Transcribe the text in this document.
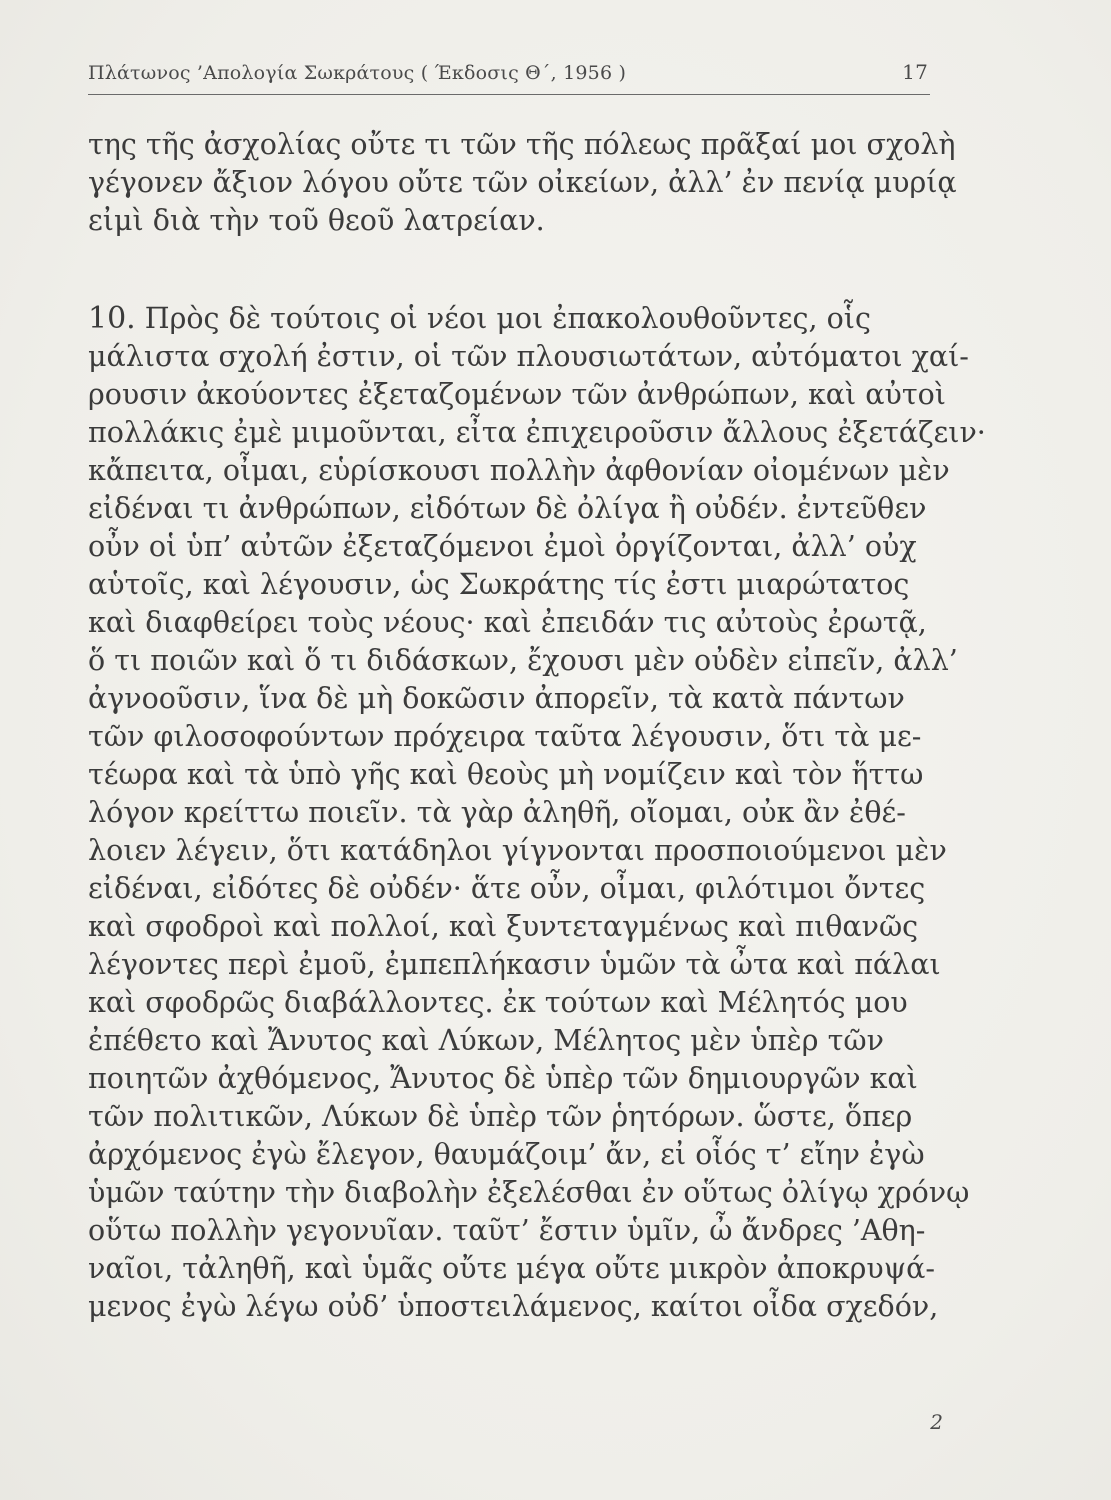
Πλάτωνος ’Απολογία Σωκράτους ( Έκδοσις Θ΄, 1956 )	17
της τῆς ἀσχολίας οὔτε τι τῶν τῆς πόλεως πρᾶξαί μοι σχολὴ
γέγονεν ἄξιον λόγου οὔτε τῶν οἰκείων, ἀλλ’ ἐν πενίᾳ μυρίᾳ
εἰμὶ διὰ τὴν τοῦ θεοῦ λατρείαν.
10. Πρὸς δὲ τούτοις οἱ νέοι μοι ἐπακολουθοῦντες, οἷς
μάλιστα σχολή ἐστιν, οἱ τῶν πλουσιωτάτων, αὐτόματοι χαί-
ρουσιν ἀκούοντες ἐξεταζομένων τῶν ἀνθρώπων, καὶ αὐτοὶ
πολλάκις ἐμὲ μιμοῦνται, εἶτα ἐπιχειροῦσιν ἄλλους ἐξετάζειν·
κἄπειτα, οἶμαι, εὑρίσκουσι πολλὴν ἀφθονίαν οἰομένων μὲν
εἰδέναι τι ἀνθρώπων, εἰδότων δὲ ὀλίγα ἢ οὐδέν. ἐντεῦθεν
οὖν οἱ ὑπ’ αὐτῶν ἐξεταζόμενοι ἐμοὶ ὀργίζονται, ἀλλ’ οὐχ
αὑτοῖς, καὶ λέγουσιν, ὡς Σωκράτης τίς ἐστι μιαρώτατος
καὶ διαφθείρει τοὺς νέους· καὶ ἐπειδάν τις αὐτοὺς ἐρωτᾷ,
ὅ τι ποιῶν καὶ ὅ τι διδάσκων, ἔχουσι μὲν οὐδὲν εἰπεῖν, ἀλλ’
ἀγνοοῦσιν, ἵνα δὲ μὴ δοκῶσιν ἀπορεῖν, τὰ κατὰ πάντων
τῶν φιλοσοφούντων πρόχειρα ταῦτα λέγουσιν, ὅτι τὰ με-
τέωρα καὶ τὰ ὑπὸ γῆς καὶ θεοὺς μὴ νομίζειν καὶ τὸν ἥττω
λόγον κρείττω ποιεῖν. τὰ γὰρ ἀληθῆ, οἴομαι, οὐκ ἂν ἐθέ-
λοιεν λέγειν, ὅτι κατάδηλοι γίγνονται προσποιούμενοι μὲν
εἰδέναι, εἰδότες δὲ οὐδέν· ἅτε οὖν, οἶμαι, φιλότιμοι ὄντες
καὶ σφοδροὶ καὶ πολλοί, καὶ ξυντεταγμένως καὶ πιθανῶς
λέγοντες περὶ ἐμοῦ, ἐμπεπλήκασιν ὑμῶν τὰ ὦτα καὶ πάλαι
καὶ σφοδρῶς διαβάλλοντες. ἐκ τούτων καὶ Μέλητός μου
ἐπέθετο καὶ Ἄνυτος καὶ Λύκων, Μέλητος μὲν ὑπὲρ τῶν
ποιητῶν ἀχθόμενος, Ἄνυτος δὲ ὑπὲρ τῶν δημιουργῶν καὶ
τῶν πολιτικῶν, Λύκων δὲ ὑπὲρ τῶν ῥητόρων. ὥστε, ὅπερ
ἀρχόμενος ἐγὼ ἔλεγον, θαυμάζοιμ’ ἄν, εἰ οἷός τ’ εἴην ἐγὼ
ὑμῶν ταύτην τὴν διαβολὴν ἐξελέσθαι ἐν οὕτως ὀλίγῳ χρόνῳ
οὕτω πολλὴν γεγονυῖαν. ταῦτ’ ἔστιν ὑμῖν, ὦ ἄνδρες ’Αθη-
ναῖοι, τἀληθῆ, καὶ ὑμᾶς οὔτε μέγα οὔτε μικρὸν ἀποκρυψά-
μενος ἐγὼ λέγω οὐδ’ ὑποστειλάμενος, καίτοι οἶδα σχεδόν,
2
